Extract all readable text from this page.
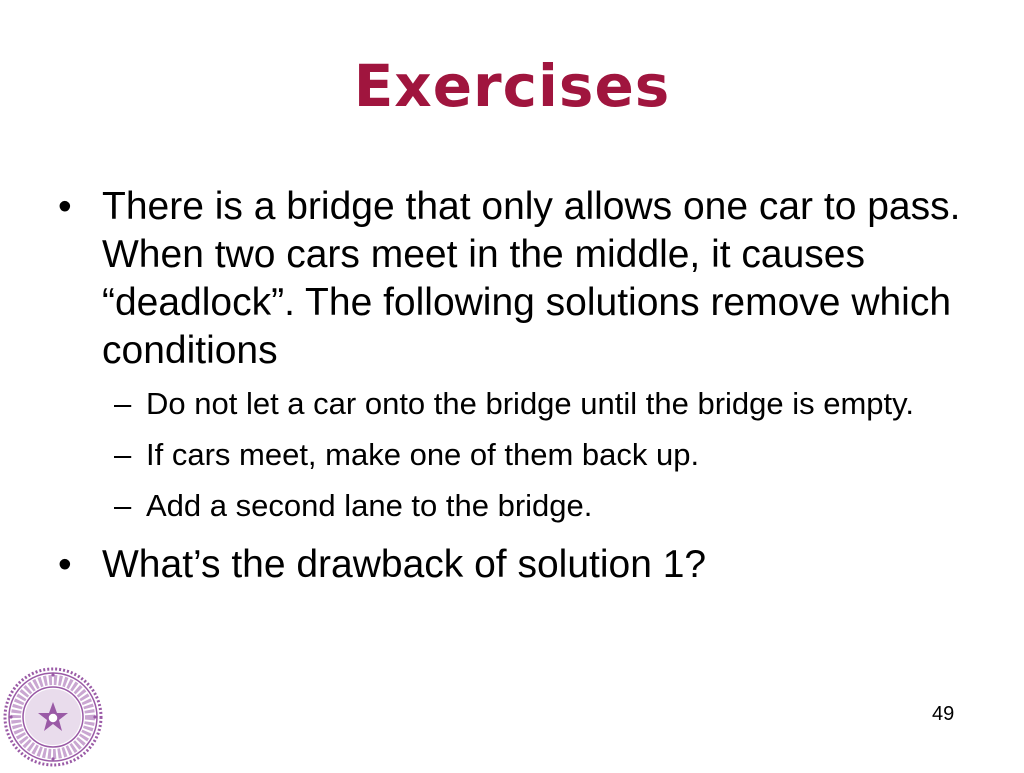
Exercises
• There is a bridge that only allows one car to pass. When two cars meet in the middle, it causes “deadlock”. The following solutions remove which conditions
– Do not let a car onto the bridge until the bridge is empty.
– If cars meet, make one of them back up.
– Add a second lane to the bridge.
• What’s the drawback of solution 1?
49
